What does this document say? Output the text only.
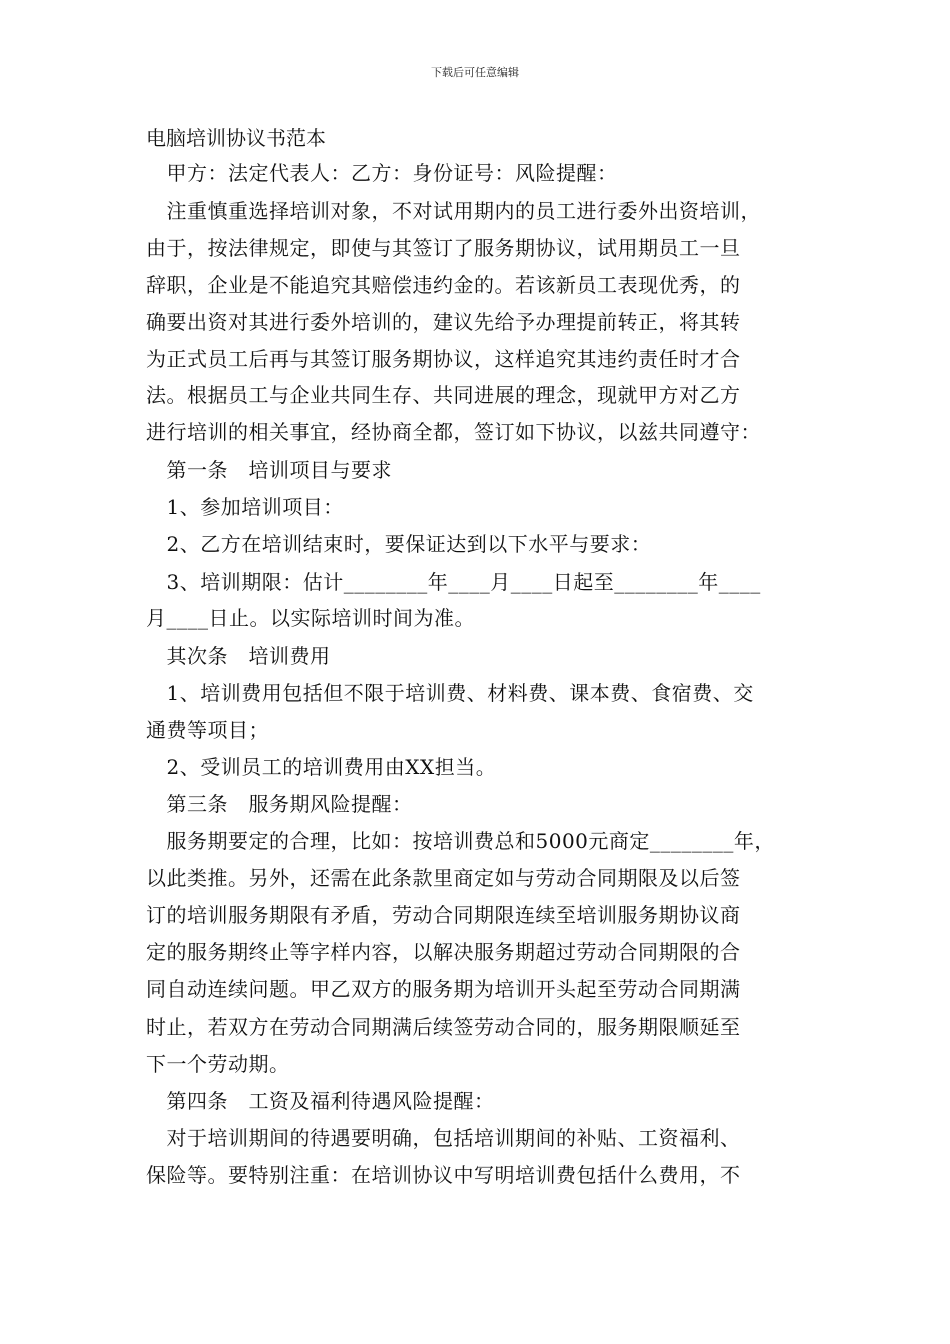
下载后可任意编辑
电脑培训协议书范本
　甲方：法定代表人：乙方：身份证号：风险提醒：
　注重慎重选择培训对象，不对试用期内的员工进行委外出资培训，
由于，按法律规定，即使与其签订了服务期协议，试用期员工一旦
辞职，企业是不能追究其赔偿违约金的。若该新员工表现优秀，的
确要出资对其进行委外培训的，建议先给予办理提前转正，将其转
为正式员工后再与其签订服务期协议，这样追究其违约责任时才合
法。根据员工与企业共同生存、共同进展的理念，现就甲方对乙方
进行培训的相关事宜，经协商全都，签订如下协议，以兹共同遵守：
　第一条　培训项目与要求
　1、参加培训项目：
　2、乙方在培训结束时，要保证达到以下水平与要求：
　3、培训期限：估计________年____月____日起至________年____
月____日止。以实际培训时间为准。
　其次条　培训费用
　1、培训费用包括但不限于培训费、材料费、课本费、食宿费、交
通费等项目；
　2、受训员工的培训费用由XX担当。
　第三条　服务期风险提醒：
　服务期要定的合理，比如：按培训费总和5000元商定________年，
以此类推。另外，还需在此条款里商定如与劳动合同期限及以后签
订的培训服务期限有矛盾，劳动合同期限连续至培训服务期协议商
定的服务期终止等字样内容，以解决服务期超过劳动合同期限的合
同自动连续问题。甲乙双方的服务期为培训开头起至劳动合同期满
时止，若双方在劳动合同期满后续签劳动合同的，服务期限顺延至
下一个劳动期。
　第四条　工资及福利待遇风险提醒：
　对于培训期间的待遇要明确，包括培训期间的补贴、工资福利、
保险等。要特别注重：在培训协议中写明培训费包括什么费用，不
